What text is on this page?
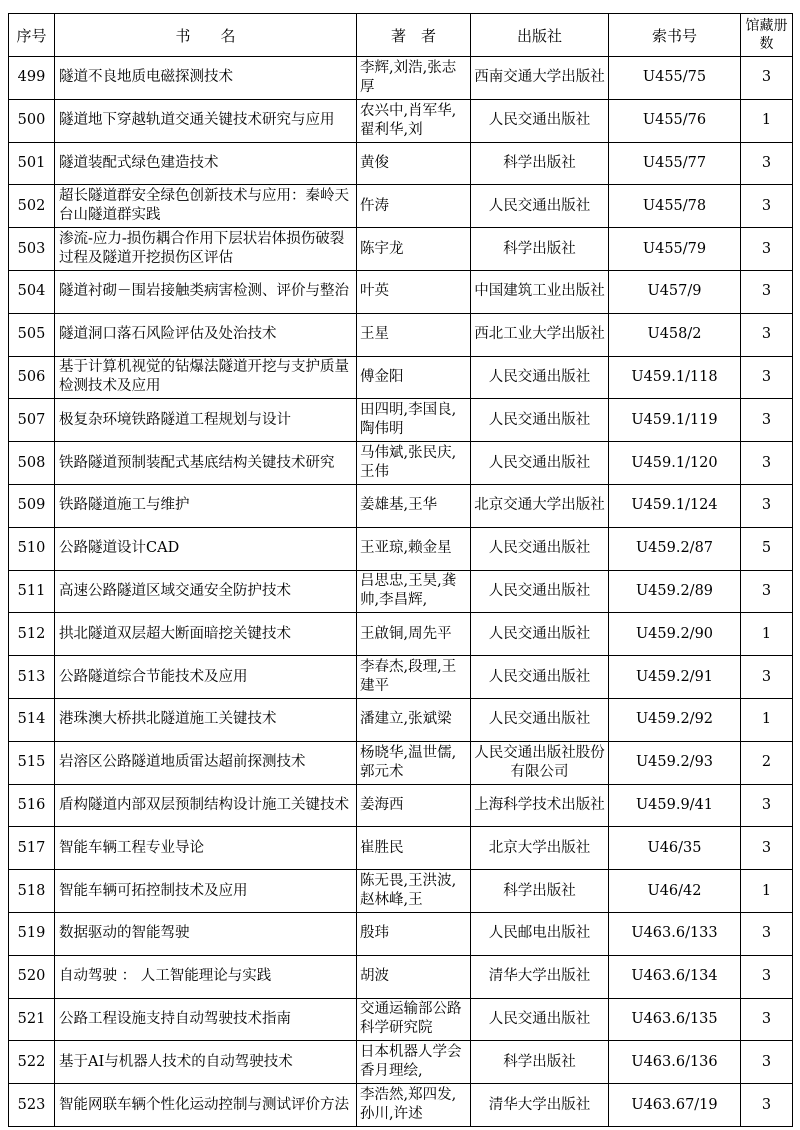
序号	书　　名	著　者	出版社	索书号	馆藏册数

499	隧道不良地质电磁探测技术	李辉,刘浩,张志厚	西南交通大学出版社	U455/75	3

500	隧道地下穿越轨道交通关键技术研究与应用	农兴中,肖军华,翟利华,刘	人民交通出版社	U455/76	1

501	隧道装配式绿色建造技术	黄俊	科学出版社	U455/77	3

502	超长隧道群安全绿色创新技术与应用：秦岭天台山隧道群实践	仵涛	人民交通出版社	U455/78	3

503	渗流-应力-损伤耦合作用下层状岩体损伤破裂过程及隧道开挖损伤区评估	陈宇龙	科学出版社	U455/79	3

504	隧道衬砌－围岩接触类病害检测、评价与整治	叶英	中国建筑工业出版社	U457/9	3

505	隧道洞口落石风险评估及处治技术	王星	西北工业大学出版社	U458/2	3

506	基于计算机视觉的钻爆法隧道开挖与支护质量检测技术及应用	傅金阳	人民交通出版社	U459.1/118	3

507	极复杂环境铁路隧道工程规划与设计	田四明,李国良,陶伟明	人民交通出版社	U459.1/119	3

508	铁路隧道预制装配式基底结构关键技术研究	马伟斌,张民庆,王伟	人民交通出版社	U459.1/120	3

509	铁路隧道施工与维护	姜雄基,王华	北京交通大学出版社	U459.1/124	3

510	公路隧道设计CAD	王亚琼,赖金星	人民交通出版社	U459.2/87	5

511	高速公路隧道区域交通安全防护技术	吕思忠,王昊,龚帅,李昌辉,	人民交通出版社	U459.2/89	3

512	拱北隧道双层超大断面暗挖关键技术	王啟铜,周先平	人民交通出版社	U459.2/90	1

513	公路隧道综合节能技术及应用	李春杰,段理,王建平	人民交通出版社	U459.2/91	3

514	港珠澳大桥拱北隧道施工关键技术	潘建立,张斌梁	人民交通出版社	U459.2/92	1

515	岩溶区公路隧道地质雷达超前探测技术	杨晓华,温世儒,郭元术	人民交通出版社股份有限公司	U459.2/93	2

516	盾构隧道内部双层预制结构设计施工关键技术	姜海西	上海科学技术出版社	U459.9/41	3

517	智能车辆工程专业导论	崔胜民	北京大学出版社	U46/35	3

518	智能车辆可拓控制技术及应用	陈无畏,王洪波,赵林峰,王	科学出版社	U46/42	1

519	数据驱动的智能驾驶	殷玮	人民邮电出版社	U463.6/133	3

520	自动驾驶 ： 人工智能理论与实践	胡波	清华大学出版社	U463.6/134	3

521	公路工程设施支持自动驾驶技术指南	交通运输部公路科学研究院	人民交通出版社	U463.6/135	3

522	基于AI与机器人技术的自动驾驶技术	日本机器人学会香月理绘,	科学出版社	U463.6/136	3

523	智能网联车辆个性化运动控制与测试评价方法	李浩然,郑四发,孙川,许述	清华大学出版社	U463.67/19	3
